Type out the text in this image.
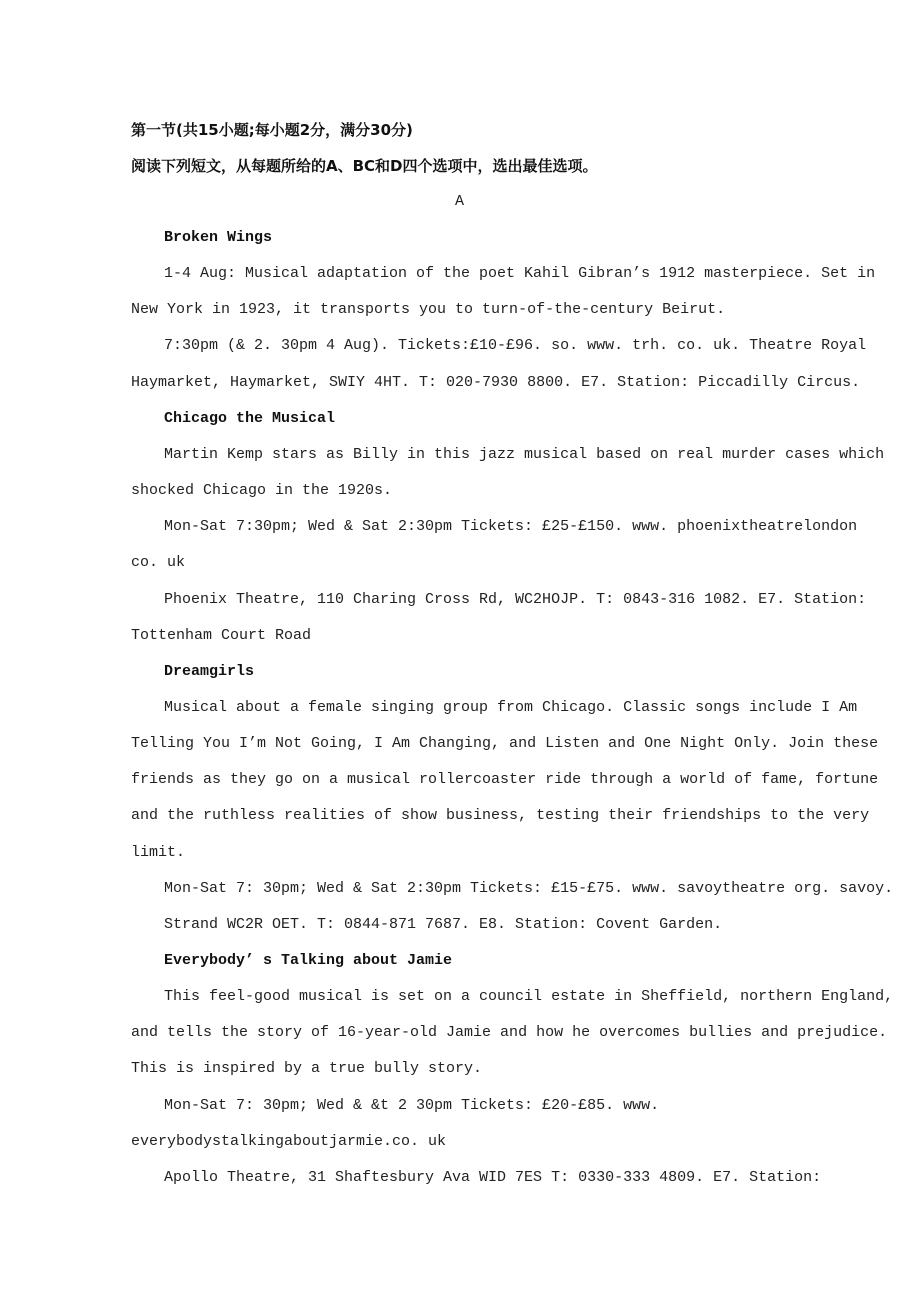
第一节(共15小题;每小题2分，满分30分)
阅读下列短文，从每题所给的A、BC和D四个选项中，选出最佳选项。
A
Broken Wings
1-4 Aug: Musical adaptation of the poet Kahil Gibran’s 1912 masterpiece. Set in
New York in 1923, it transports you to turn-of-the-century Beirut.
7:30pm (& 2. 30pm 4 Aug). Tickets:£10-£96. so. www. trh. co. uk. Theatre Royal
Haymarket, Haymarket, SWIY 4HT. T: 020-7930 8800. E7. Station: Piccadilly Circus.
Chicago the Musical
Martin Kemp stars as Billy in this jazz musical based on real murder cases which
shocked Chicago in the 1920s.
Mon-Sat 7:30pm; Wed & Sat 2:30pm Tickets: £25-£150. www. phoenixtheatrelondon
co. uk
Phoenix Theatre, 110 Charing Cross Rd, WC2HOJP. T: 0843-316 1082. E7. Station:
Tottenham Court Road
Dreamgirls
Musical about a female singing group from Chicago. Classic songs include I Am
Telling You I’m Not Going, I Am Changing, and Listen and One Night Only. Join these
friends as they go on a musical rollercoaster ride through a world of fame, fortune
and the ruthless realities of show business, testing their friendships to the very
limit.
Mon-Sat 7: 30pm; Wed & Sat 2:30pm Tickets: £15-£75. www. savoytheatre org. savoy.
Strand WC2R OET. T: 0844-871 7687. E8. Station: Covent Garden.
Everybody’ s Talking about Jamie
This feel-good musical is set on a council estate in Sheffield, northern England,
and tells the story of 16-year-old Jamie and how he overcomes bullies and prejudice.
This is inspired by a true bully story.
Mon-Sat 7: 30pm; Wed & &t 2 30pm Tickets: £20-£85. www.
everybodystalkingaboutjarmie.co. uk
Apollo Theatre, 31 Shaftesbury Ava WID 7ES T: 0330-333 4809. E7. Station:
